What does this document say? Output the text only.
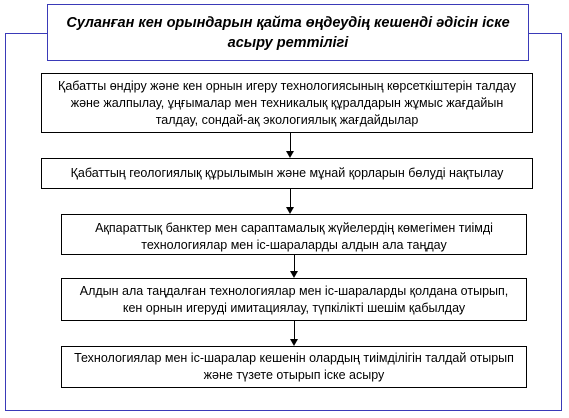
Суланған кен орындарын қайта өңдеудің кешенді әдісін іске асыру реттілігі
Қабатты өндіру және кен орнын игеру технологиясының көрсеткіштерін талдау және жалпылау, ұңғымалар мен техникалық құралдарын жұмыс жағдайын талдау, сондай-ақ экологиялық жағдайдылар
Қабаттың геологиялық құрылымын және мұнай қорларын бөлуді нақтылау
Ақпараттық банктер мен сараптамалық жүйелердің көмегімен тиімді технологиялар мен іс-шараларды алдын ала таңдау
Алдын ала таңдалған технологиялар мен іс-шараларды қолдана отырып, кен орнын игеруді имитациялау, түпкілікті шешім қабылдау
Технологиялар мен іс-шаралар кешенін олардың тиімділігін талдай отырып және түзете отырып іске асыру
